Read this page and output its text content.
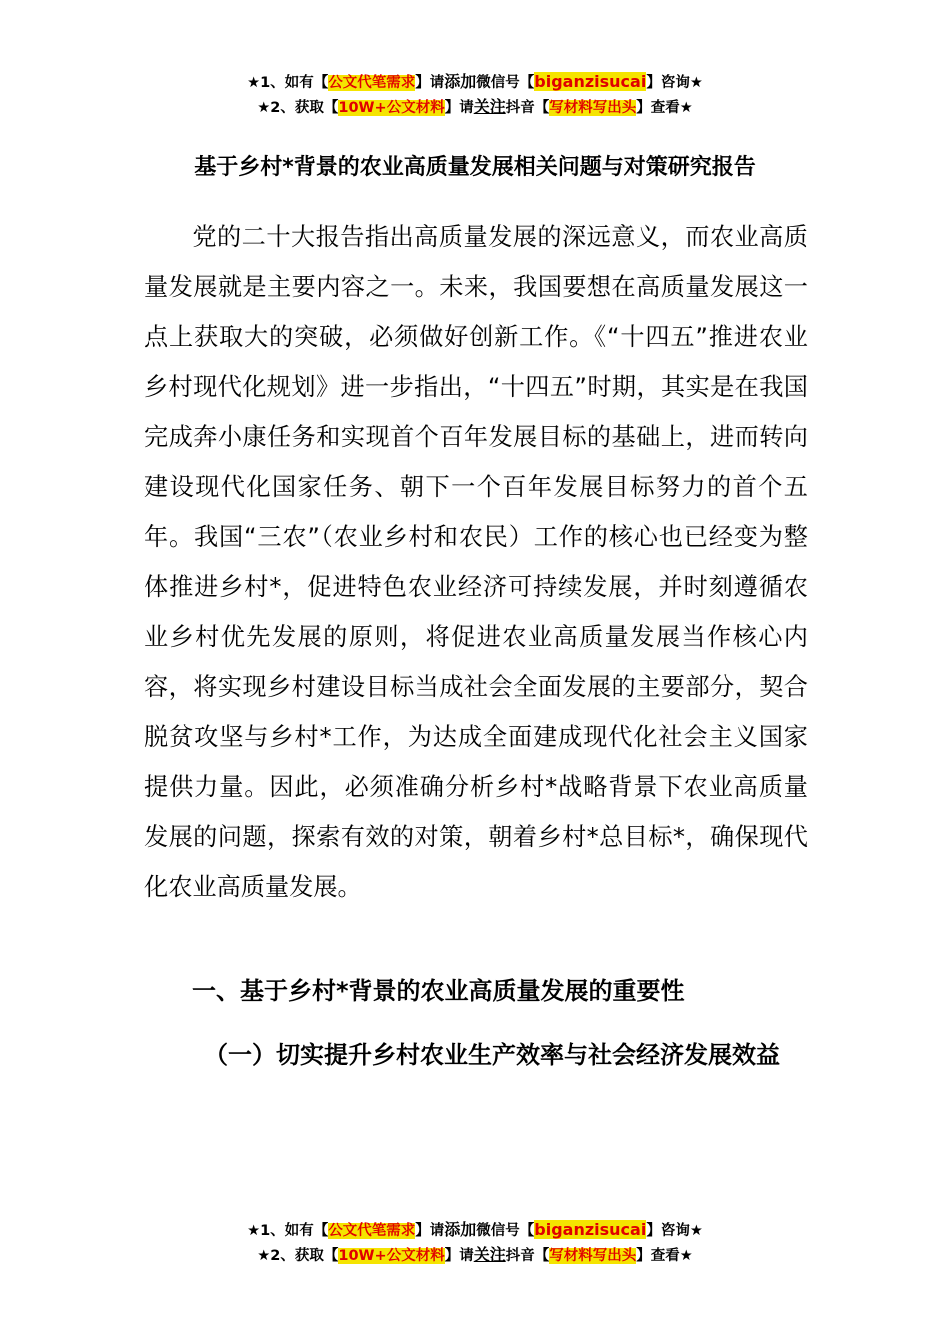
★1、如有【公文代笔需求】请添加微信号【biganzisucai】咨询★
★2、获取【10W+公文材料】请关注抖音【写材料写出头】查看★
基于乡村*背景的农业高质量发展相关问题与对策研究报告

党的二十大报告指出高质量发展的深远意义，而农业高质量发展就是主要内容之一。未来，我国要想在高质量发展这一点上获取大的突破，必须做好创新工作。《“十四五”推进农业乡村现代化规划》进一步指出，“十四五”时期，其实是在我国完成奔小康任务和实现首个百年发展目标的基础上，进而转向建设现代化国家任务、朝下一个百年发展目标努力的首个五年。我国“三农”（农业乡村和农民）工作的核心也已经变为整体推进乡村*，促进特色农业经济可持续发展，并时刻遵循农业乡村优先发展的原则，将促进农业高质量发展当作核心内容，将实现乡村建设目标当成社会全面发展的主要部分，契合脱贫攻坚与乡村*工作，为达成全面建成现代化社会主义国家提供力量。因此，必须准确分析乡村*战略背景下农业高质量发展的问题，探索有效的对策，朝着乡村*总目标*，确保现代化农业高质量发展。

一、基于乡村*背景的农业高质量发展的重要性

（一）切实提升乡村农业生产效率与社会经济发展效益

★1、如有【公文代笔需求】请添加微信号【biganzisucai】咨询★
★2、获取【10W+公文材料】请关注抖音【写材料写出头】查看★
